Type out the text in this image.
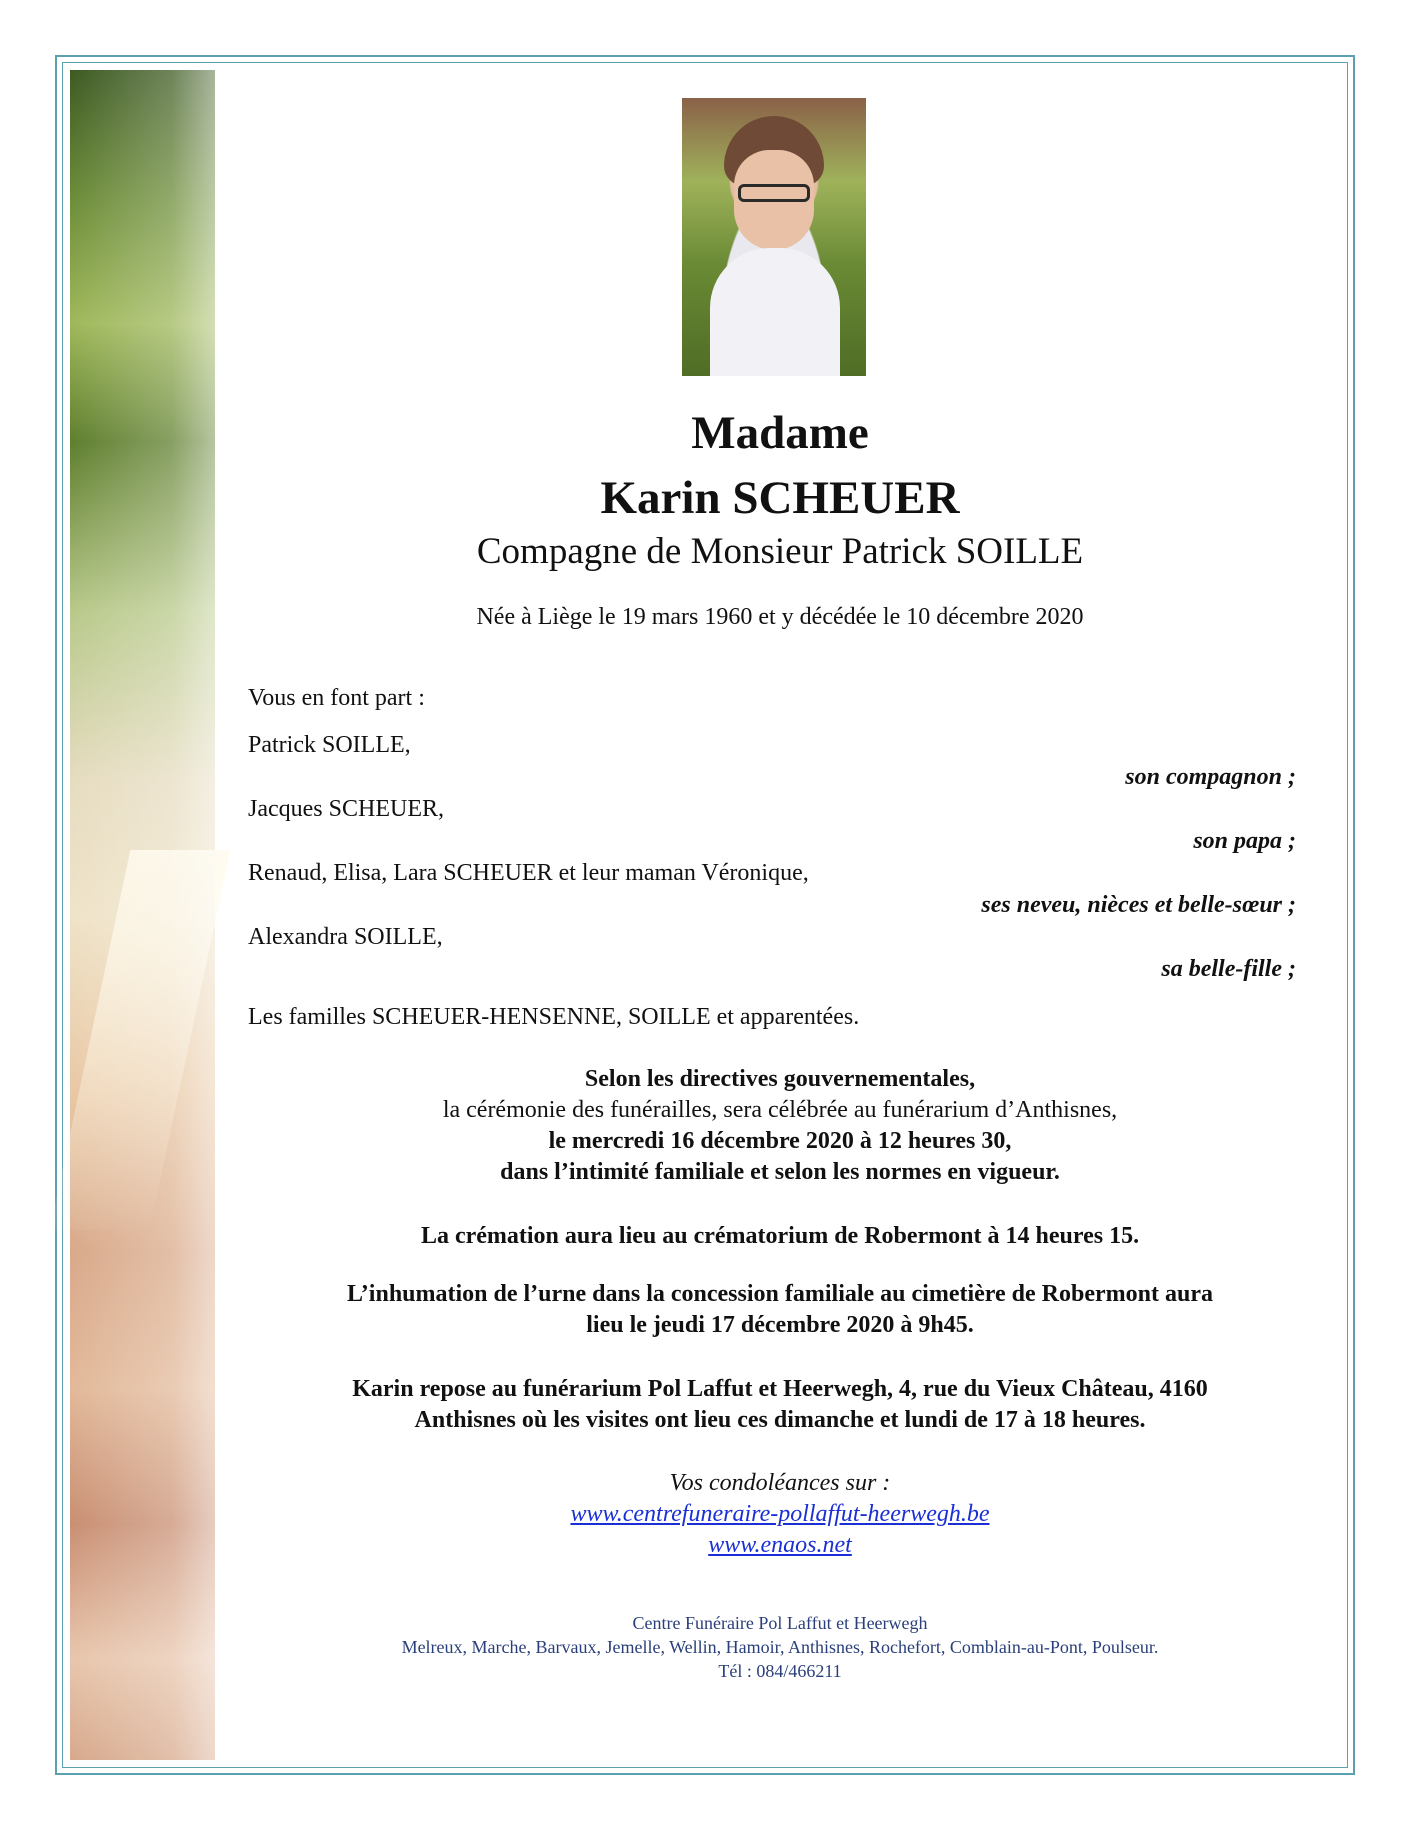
Madame
Karin SCHEUER
Compagne de Monsieur Patrick SOILLE
Née à Liège le 19 mars 1960 et y décédée le 10 décembre 2020
Vous en font part :
Patrick SOILLE,
son compagnon ;
Jacques SCHEUER,
son papa ;
Renaud, Elisa, Lara SCHEUER et leur maman Véronique,
ses neveu, nièces et belle-sœur ;
Alexandra SOILLE,
sa belle-fille ;
Les familles SCHEUER-HENSENNE, SOILLE et apparentées.
Selon les directives gouvernementales,
la cérémonie des funérailles, sera célébrée au funérarium d’Anthisnes,
le mercredi 16 décembre 2020 à 12 heures 30,
dans l’intimité familiale et selon les normes en vigueur.
La crémation aura lieu au crématorium de Robermont à 14 heures 15.
L’inhumation de l’urne dans la concession familiale au cimetière de Robermont aura
lieu le jeudi 17 décembre 2020 à 9h45.
Karin repose au funérarium Pol Laffut et Heerwegh, 4, rue du Vieux Château, 4160
Anthisnes où les visites ont lieu ces dimanche et lundi de 17 à 18 heures.
Vos condoléances sur :
www.centrefuneraire-pollaffut-heerwegh.be
www.enaos.net
Centre Funéraire Pol Laffut et Heerwegh
Melreux, Marche, Barvaux, Jemelle, Wellin, Hamoir, Anthisnes, Rochefort, Comblain-au-Pont, Poulseur.
Tél : 084/466211
